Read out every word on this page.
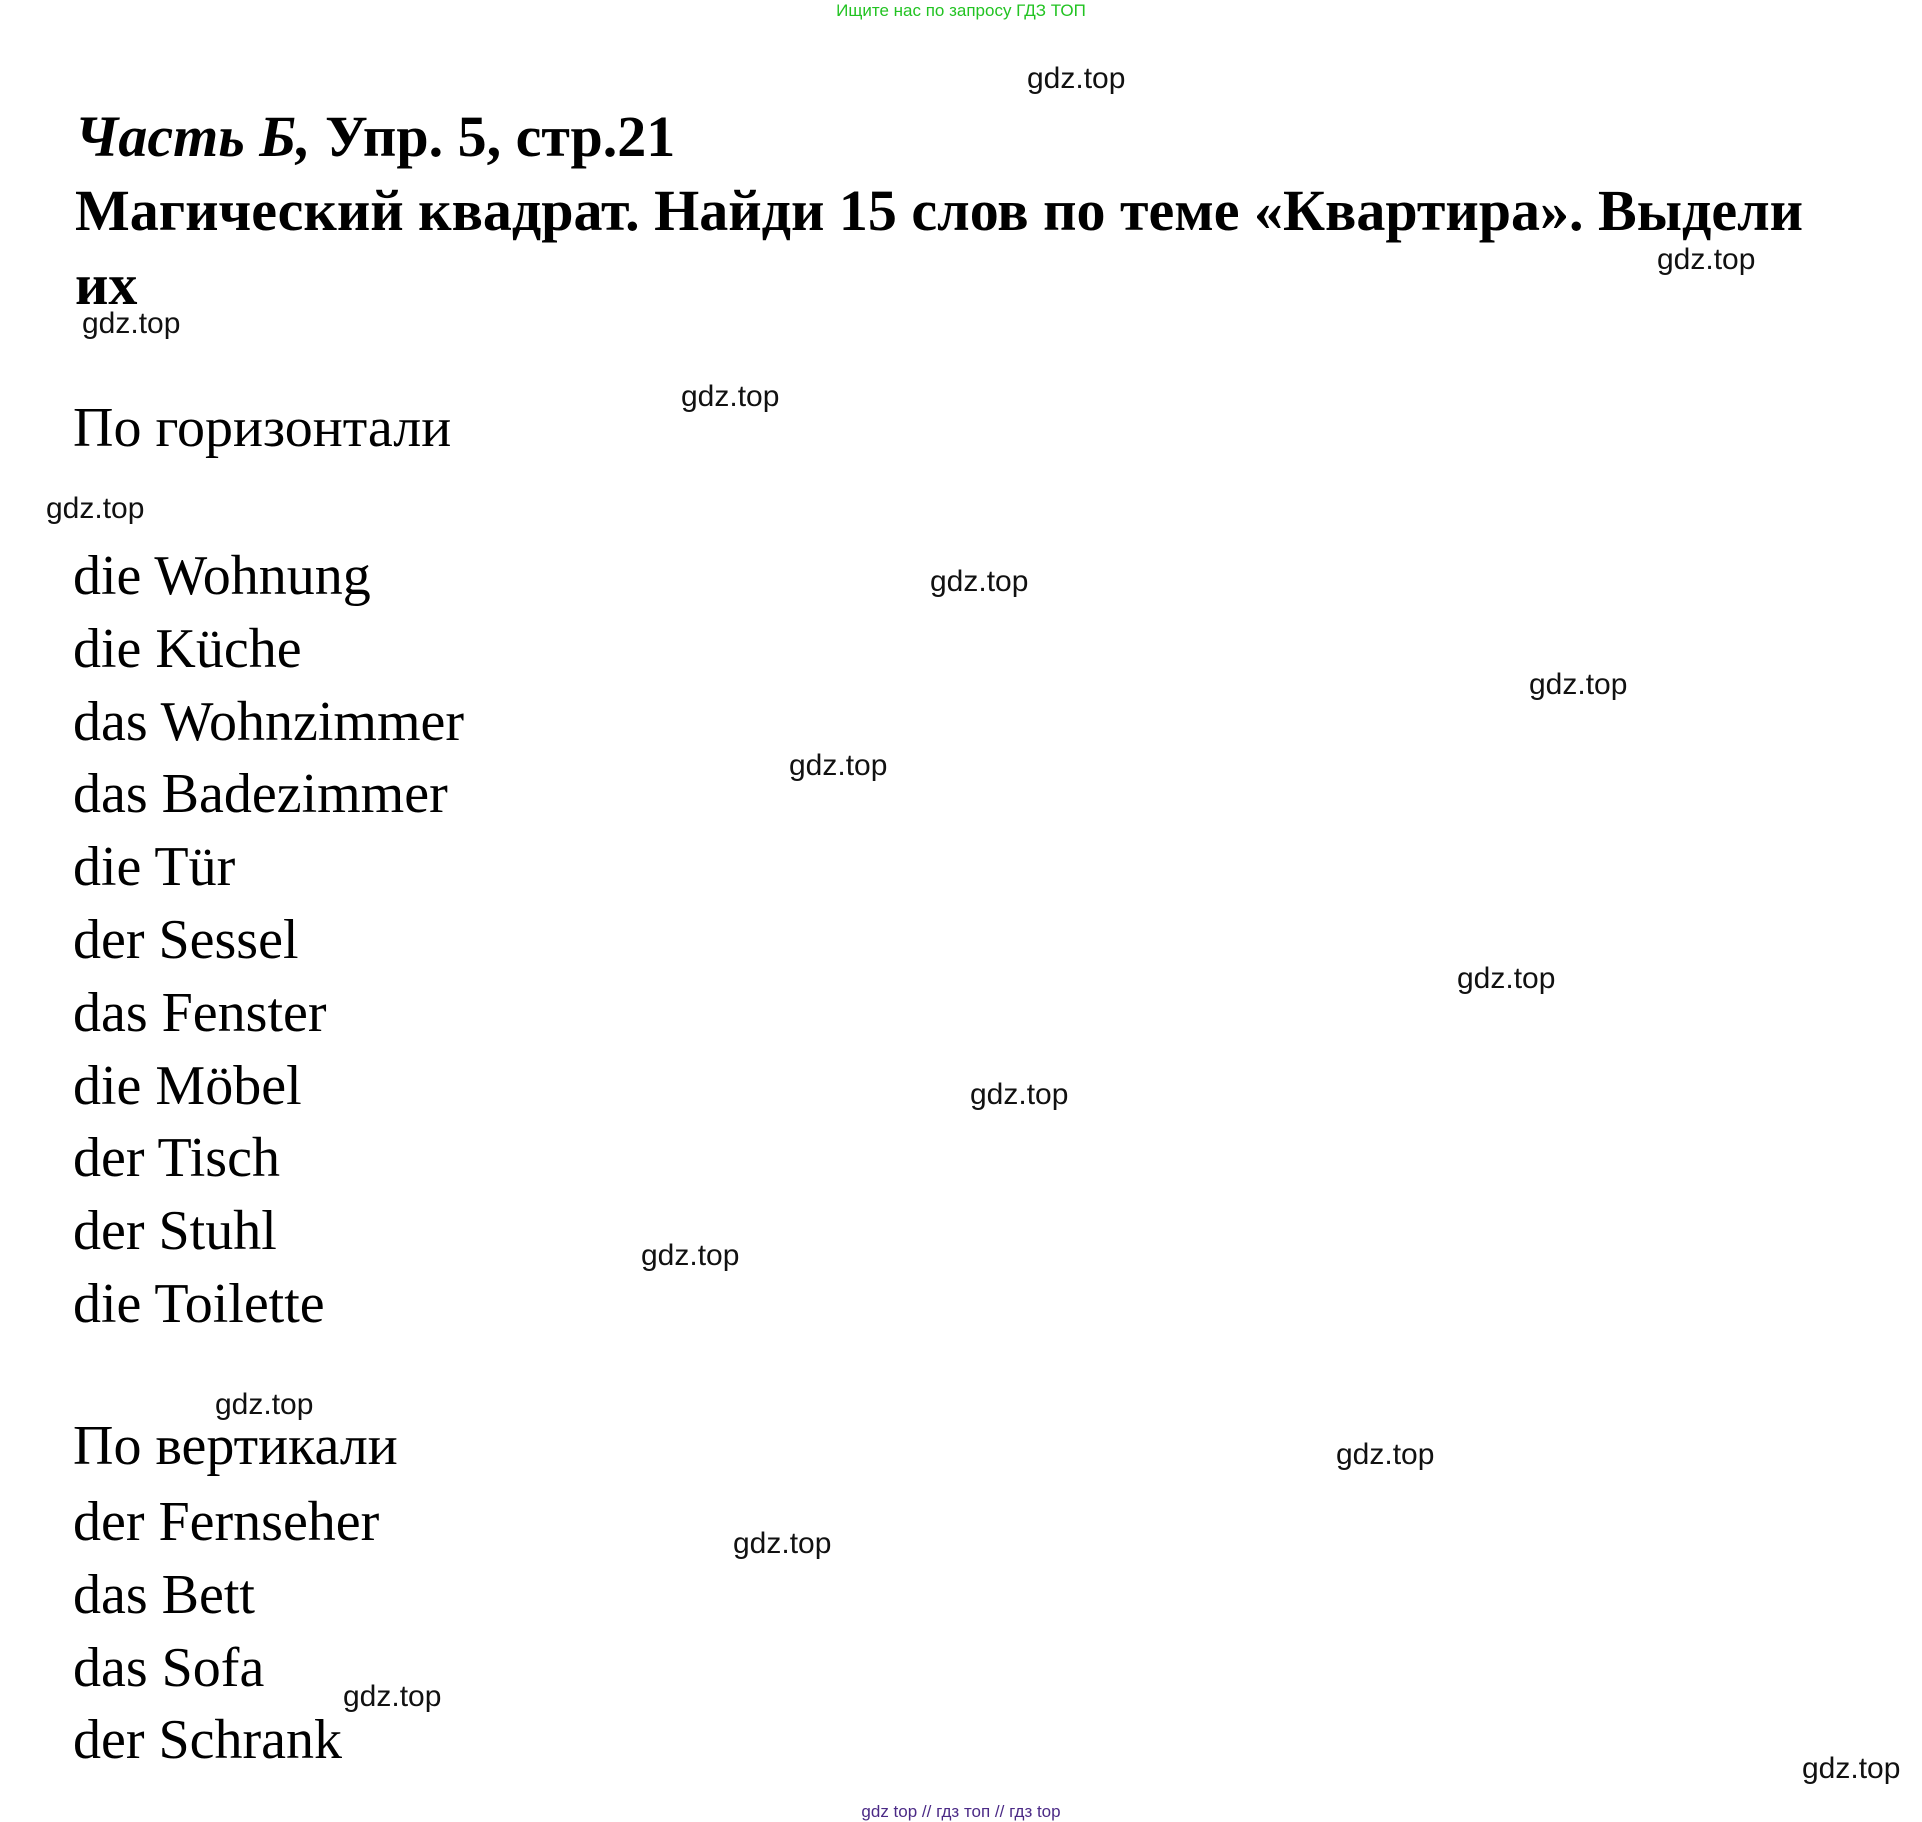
Ищите нас по запросу ГДЗ ТОП
Часть Б, Упр. 5, стр.21
Магический квадрат. Найди 15 слов по теме «Квартира». Выдели их
По горизонтали
die Wohnung
die Küche
das Wohnzimmer
das Badezimmer
die Tür
der Sessel
das Fenster
die Möbel
der Tisch
der Stuhl
die Toilette
По вертикали
der Fernseher
das Bett
das Sofa
der Schrank
gdz.top
gdz.top
gdz.top
gdz.top
gdz.top
gdz.top
gdz.top
gdz.top
gdz.top
gdz.top
gdz.top
gdz.top
gdz.top
gdz.top
gdz.top
gdz.top
gdz top // гдз топ // гдз top
